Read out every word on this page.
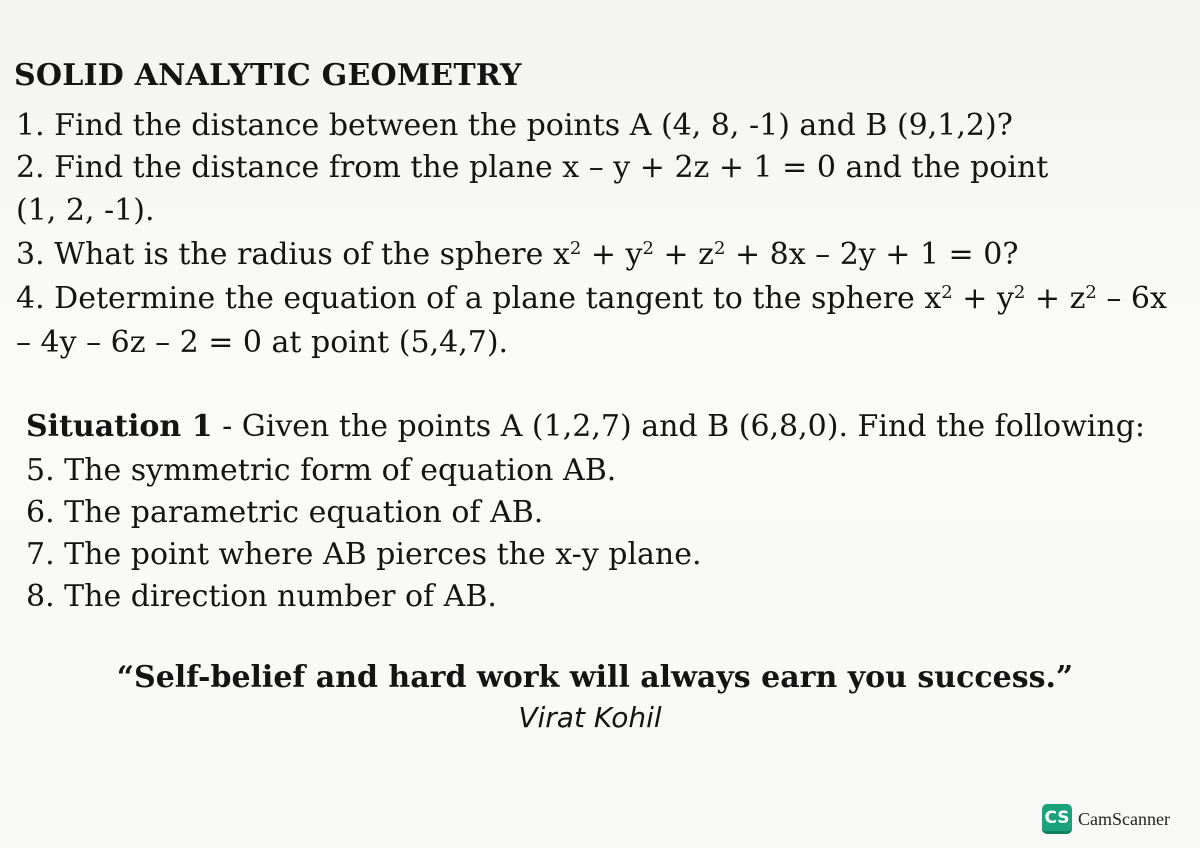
SOLID ANALYTIC GEOMETRY
1. Find the distance between the points A (4, 8, -1) and B (9,1,2)?
2. Find the distance from the plane x – y + 2z + 1 = 0 and the point
(1, 2, -1).
3. What is the radius of the sphere $x^2 + y^2 + z^2 + 8x - 2y + 1 = 0$?
4. Determine the equation of a plane tangent to the sphere $x^2 + y^2 + z^2 - 6x$
– 4y – 6z – 2 = 0 at point (5,4,7).
Situation 1 - Given the points A (1,2,7) and B (6,8,0). Find the following:
5. The symmetric form of equation AB.
6. The parametric equation of AB.
7. The point where AB pierces the x-y plane.
8. The direction number of AB.
“Self-belief and hard work will always earn you success.”
Virat Kohil
CS CamScanner
